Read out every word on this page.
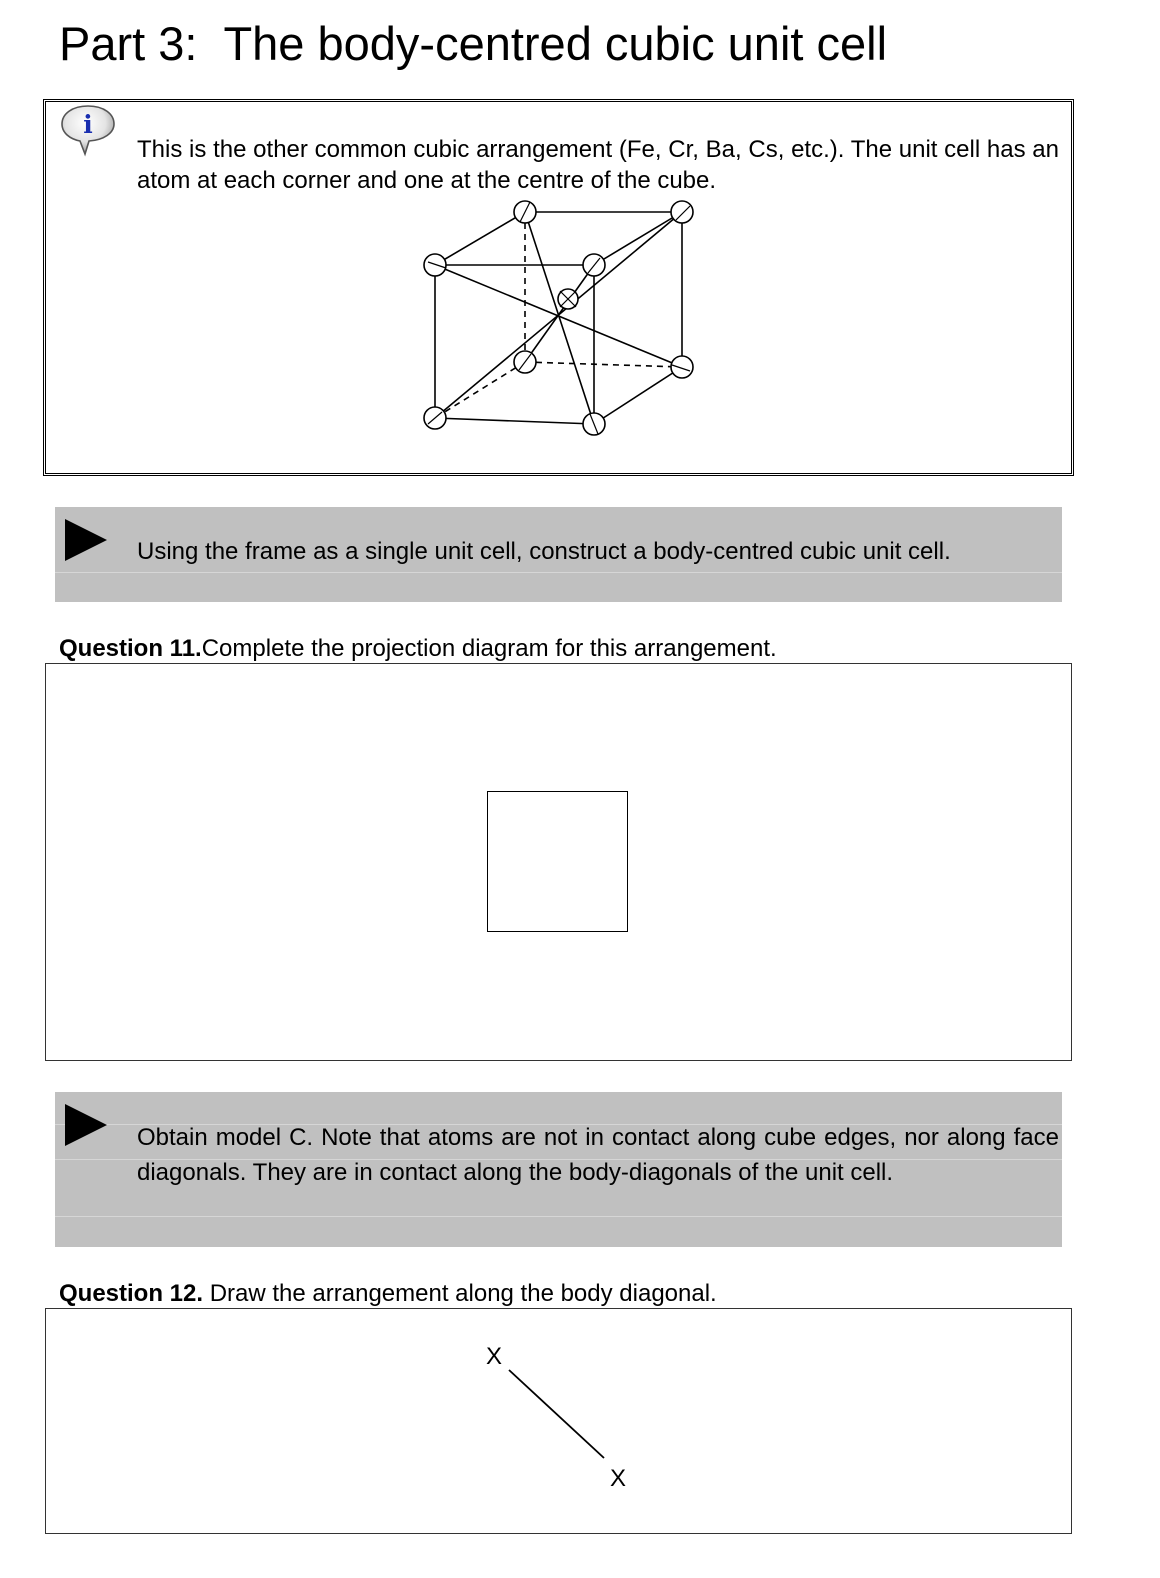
Part 3: The body-centred cubic unit cell
i
This is the other common cubic arrangement (Fe, Cr, Ba, Cs, etc.). The unit cell has an atom at each corner and one at the centre of the cube.
Using the frame as a single unit cell, construct a body-centred cubic unit cell.
Question 11.Complete the projection diagram for this arrangement.
Obtain model C. Note that atoms are not in contact along cube edges, nor along face diagonals. They are in contact along the body-diagonals of the unit cell.
Question 12. Draw the arrangement along the body diagonal.
X
X
